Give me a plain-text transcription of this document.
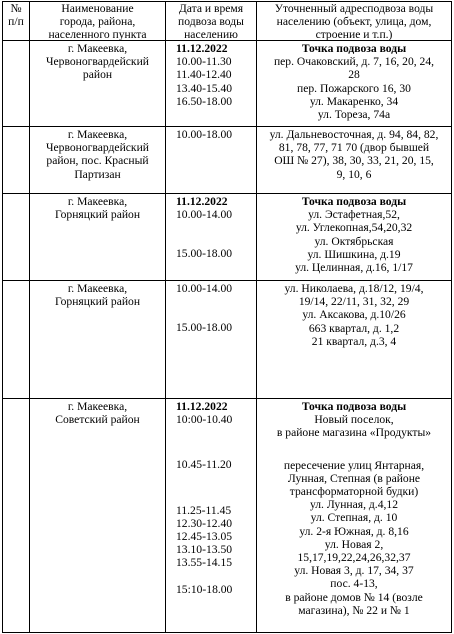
№
п/п
Наименование
города, района,
населенного пункта
Дата и время
подвоза воды
населению
Уточненный адресподвоза воды
населению (объект, улица, дом,
строение и т.п.)
г. Макеевка,
Червоногвардейский
район
11.12.2022
10.00-11.30
11.40-12.40
13.40-15.40
16.50-18.00
Точка подвоза воды
пер. Очаковский, д. 7, 16, 20, 24,
28
пер. Пожарского 16, 30
ул. Макаренко, 34
ул. Тореза, 74а
г. Макеевка,
Червоногвардейский
район, пос. Красный
Партизан
10.00-18.00	ул. Дальневосточная, д. 94, 84, 82,
81, 78, 77, 71 70 (двор бывшей
ОШ № 27), 38, 30, 33, 21, 20, 15,
9, 10, 6
г. Макеевка,
Горняцкий район
11.12.2022
10.00-14.00
15.00-18.00
Точка подвоза воды
ул. Эстафетная,52,
ул. Углекопная,54,20,32
ул. Октябрьская
ул. Шишкина, д.19
ул. Целинная, д.16, 1/17
г. Макеевка,
Горняцкий район
10.00-14.00
15.00-18.00
ул. Николаева, д.18/12, 19/4,
19/14, 22/11, 31, 32, 29
ул. Аксакова, д.10/26
663 квартал, д. 1,2
21 квартал, д.3, 4
г. Макеевка,
Советский район
11.12.2022
10:00-10.40
10.45-11.20
11.25-11.45
12.30-12.40
12.45-13.05
13.10-13.50
13.55-14.15
15:10-18.00
Точка подвоза воды
Новый поселок,
в районе магазина «Продукты»
пересечение улиц Янтарная,
Лунная, Степная (в районе
трансформаторной будки)
ул. Лунная, д.4,12
ул. Степная, д. 10
ул. 2-я Южная, д. 8,16
ул. Новая 2,
15,17,19,22,24,26,32,37
ул. Новая 3, д. 17, 34, 37
пос. 4-13,
в районе домов № 14 (возле
магазина), № 22 и № 1
